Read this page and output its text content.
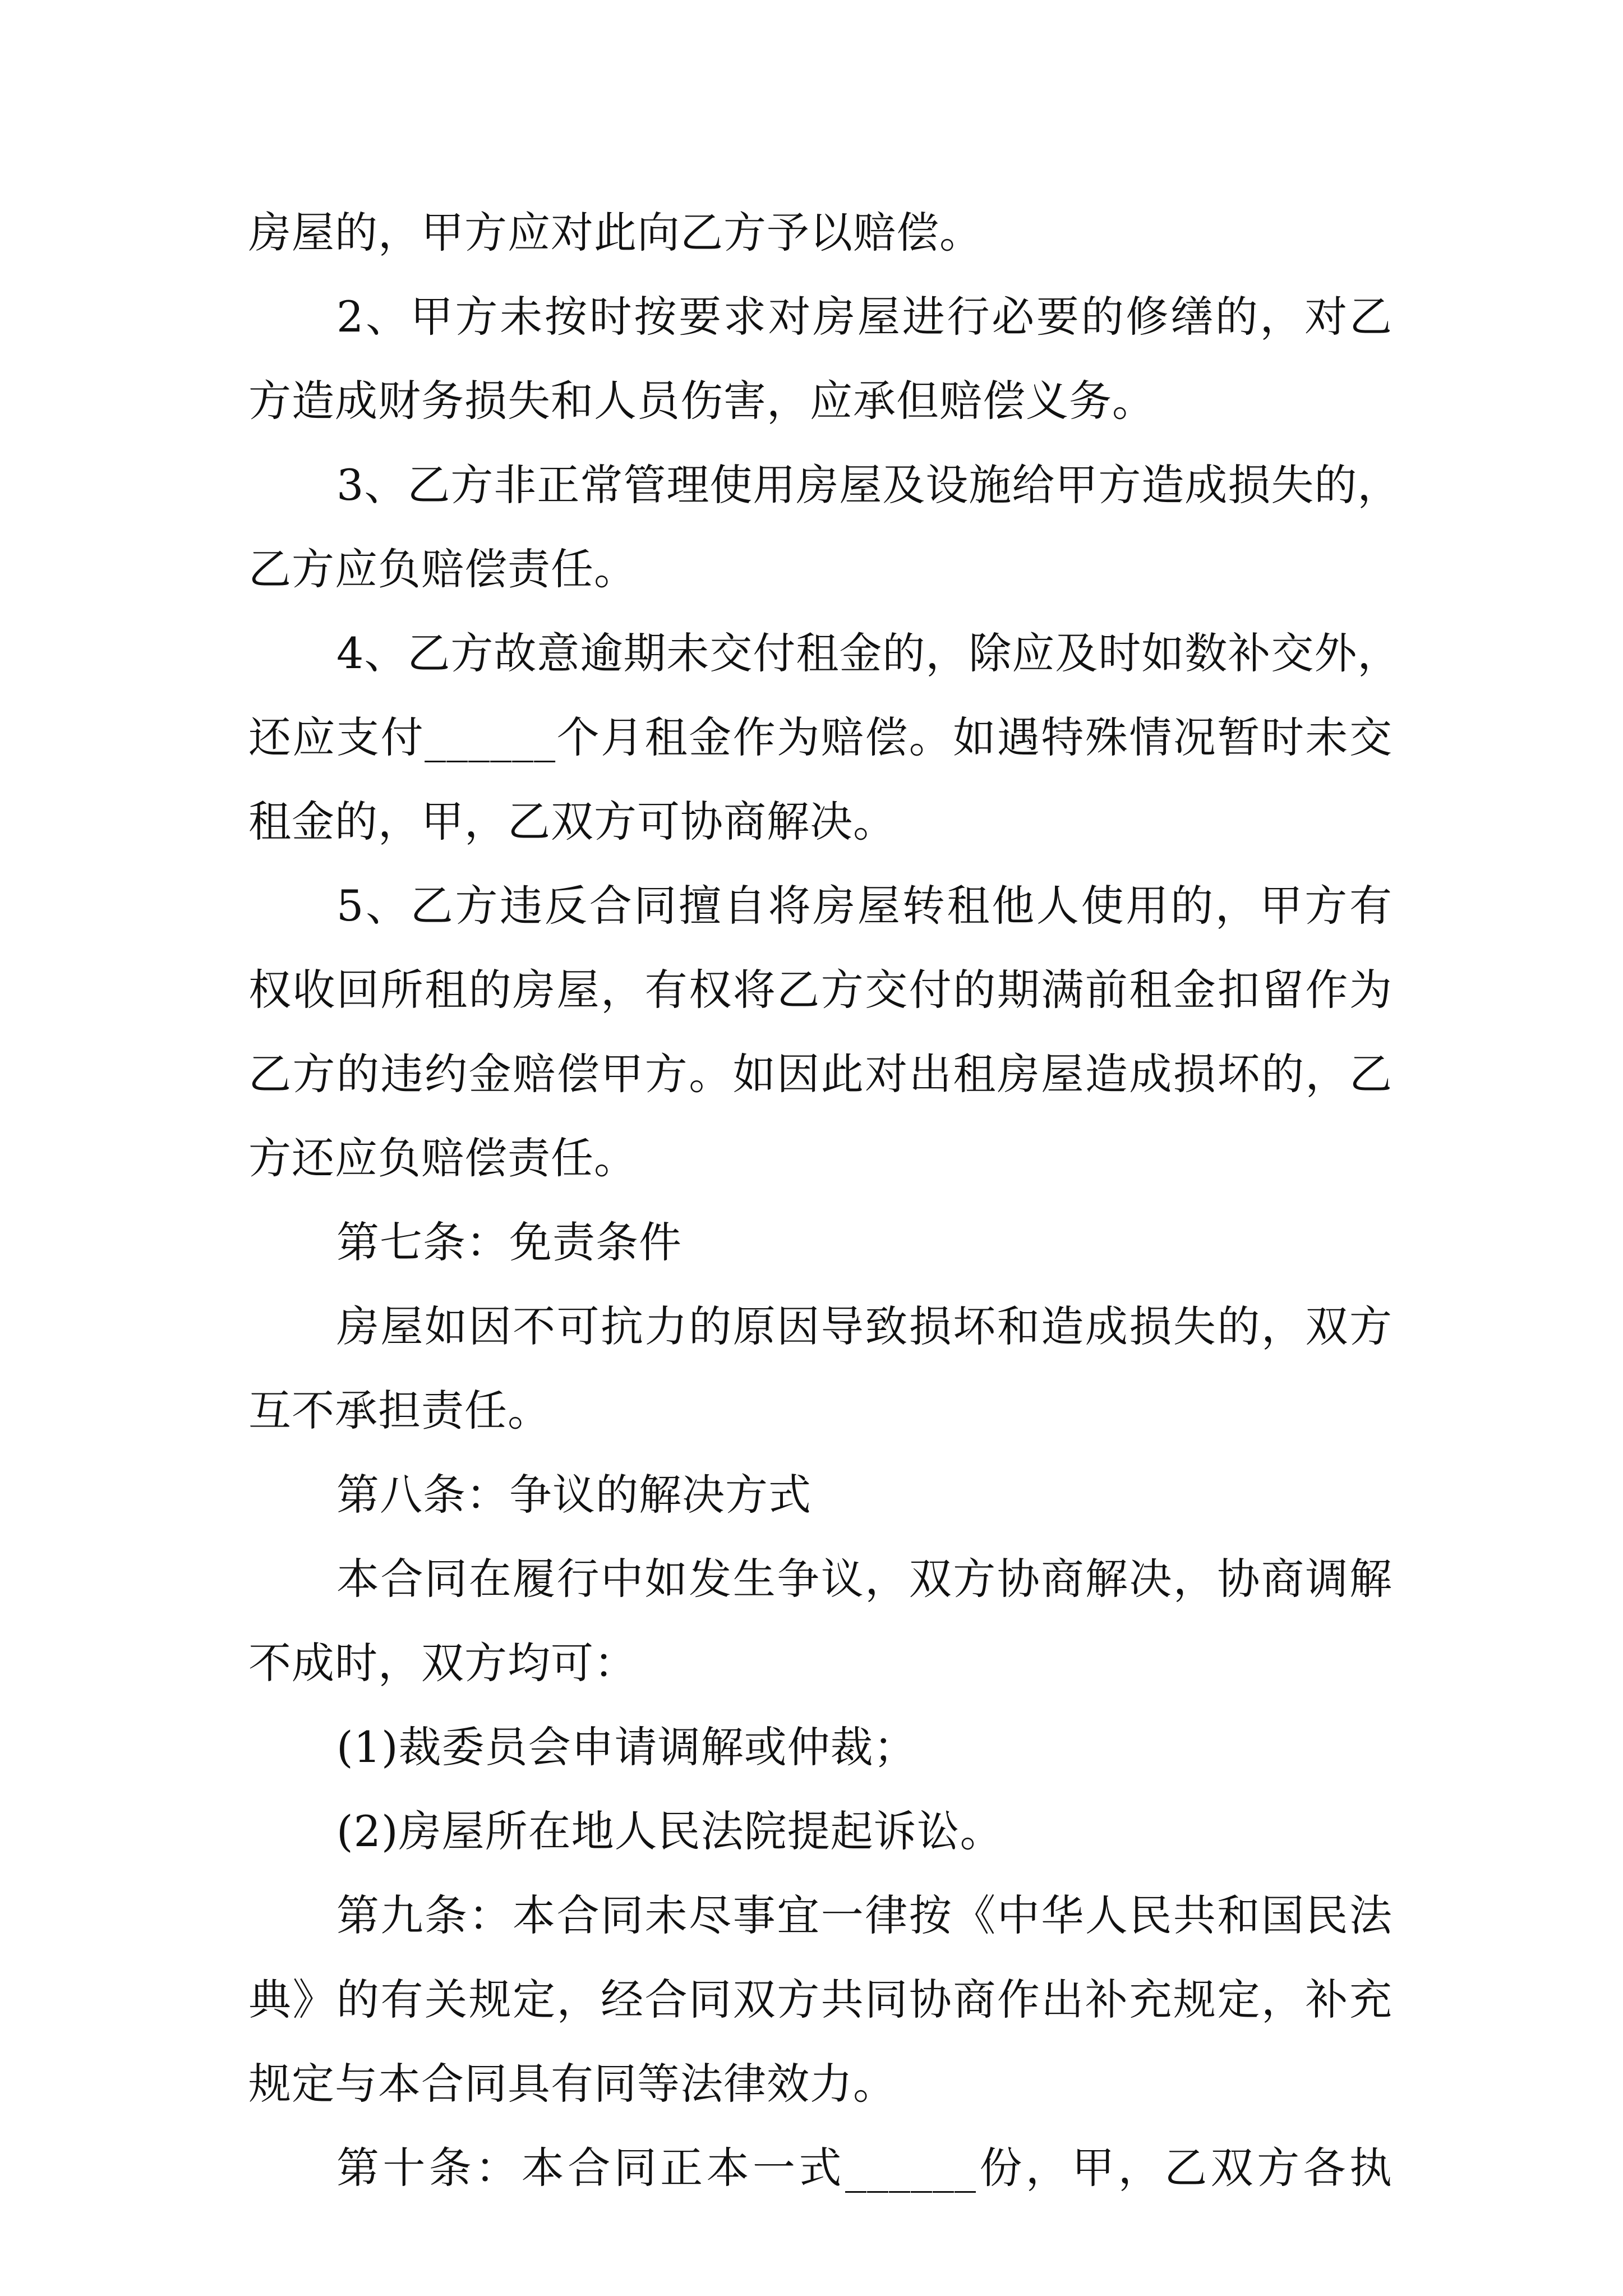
房屋的，甲方应对此向乙方予以赔偿。
2、甲方未按时按要求对房屋进行必要的修缮的，对乙
方造成财务损失和人员伤害，应承但赔偿义务。
3、乙方非正常管理使用房屋及设施给甲方造成损失的，
乙方应负赔偿责任。
4、乙方故意逾期未交付租金的，除应及时如数补交外，
还应支付______个月租金作为赔偿。如遇特殊情况暂时未交
租金的，甲，乙双方可协商解决。
5、乙方违反合同擅自将房屋转租他人使用的，甲方有
权收回所租的房屋，有权将乙方交付的期满前租金扣留作为
乙方的违约金赔偿甲方。如因此对出租房屋造成损坏的，乙
方还应负赔偿责任。
第七条：免责条件
房屋如因不可抗力的原因导致损坏和造成损失的，双方
互不承担责任。
第八条：争议的解决方式
本合同在履行中如发生争议，双方协商解决，协商调解
不成时，双方均可：
(1)裁委员会申请调解或仲裁；
(2)房屋所在地人民法院提起诉讼。
第九条：本合同未尽事宜一律按《中华人民共和国民法
典》的有关规定，经合同双方共同协商作出补充规定，补充
规定与本合同具有同等法律效力。
第十条：本合同正本一式______份，甲，乙双方各执
